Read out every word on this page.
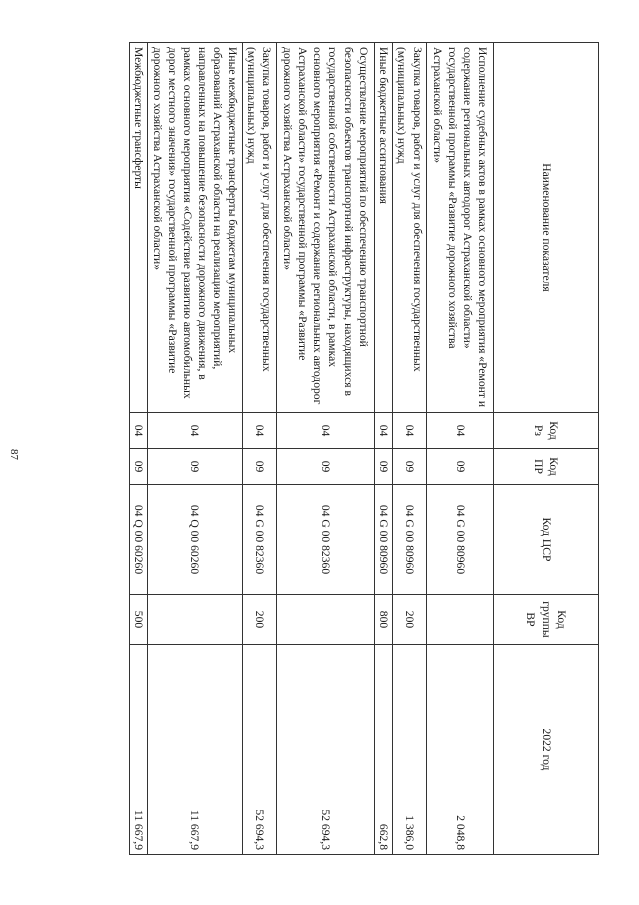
87
Наименование показателя	Код Рз	Код ПР	Код ЦСР	Код группы ВР	2022 год
Исполнение судебных актов в рамках основного мероприятия «Ремонт и содержание региональных автодорог Астраханской области» государственной программы «Развитие дорожного хозяйства Астраханской области»	04	09	04 G 00 80960		2 048,8
Закупка товаров, работ и услуг для обеспечения государственных (муниципальных) нужд	04	09	04 G 00 80960	200	1 386,0
Иные бюджетные ассигнования	04	09	04 G 00 80960	800	662,8
Осуществление мероприятий по обеспечению транспортной безопасности объектов транспортной инфраструктуры, находящихся в государственной собственности Астраханской области, в рамках основного мероприятия «Ремонт и содержание региональных автодорог Астраханской области» государственной программы «Развитие дорожного хозяйства Астраханской области»	04	09	04 G 00 82360		52 694,3
Закупка товаров, работ и услуг для обеспечения государственных (муниципальных) нужд	04	09	04 G 00 82360	200	52 694,3
Иные межбюджетные трансферты бюджетам муниципальных образований Астраханской области на реализацию мероприятий, направленных на повышение безопасности дорожного движения, в рамках основного мероприятия «Содействие развитию автомобильных дорог местного значения» государственной программы «Развитие дорожного хозяйства Астраханской области»	04	09	04 Q 00 60260		11 667,9
Межбюджетные трансферты	04	09	04 Q 00 60260	500	11 667,9
